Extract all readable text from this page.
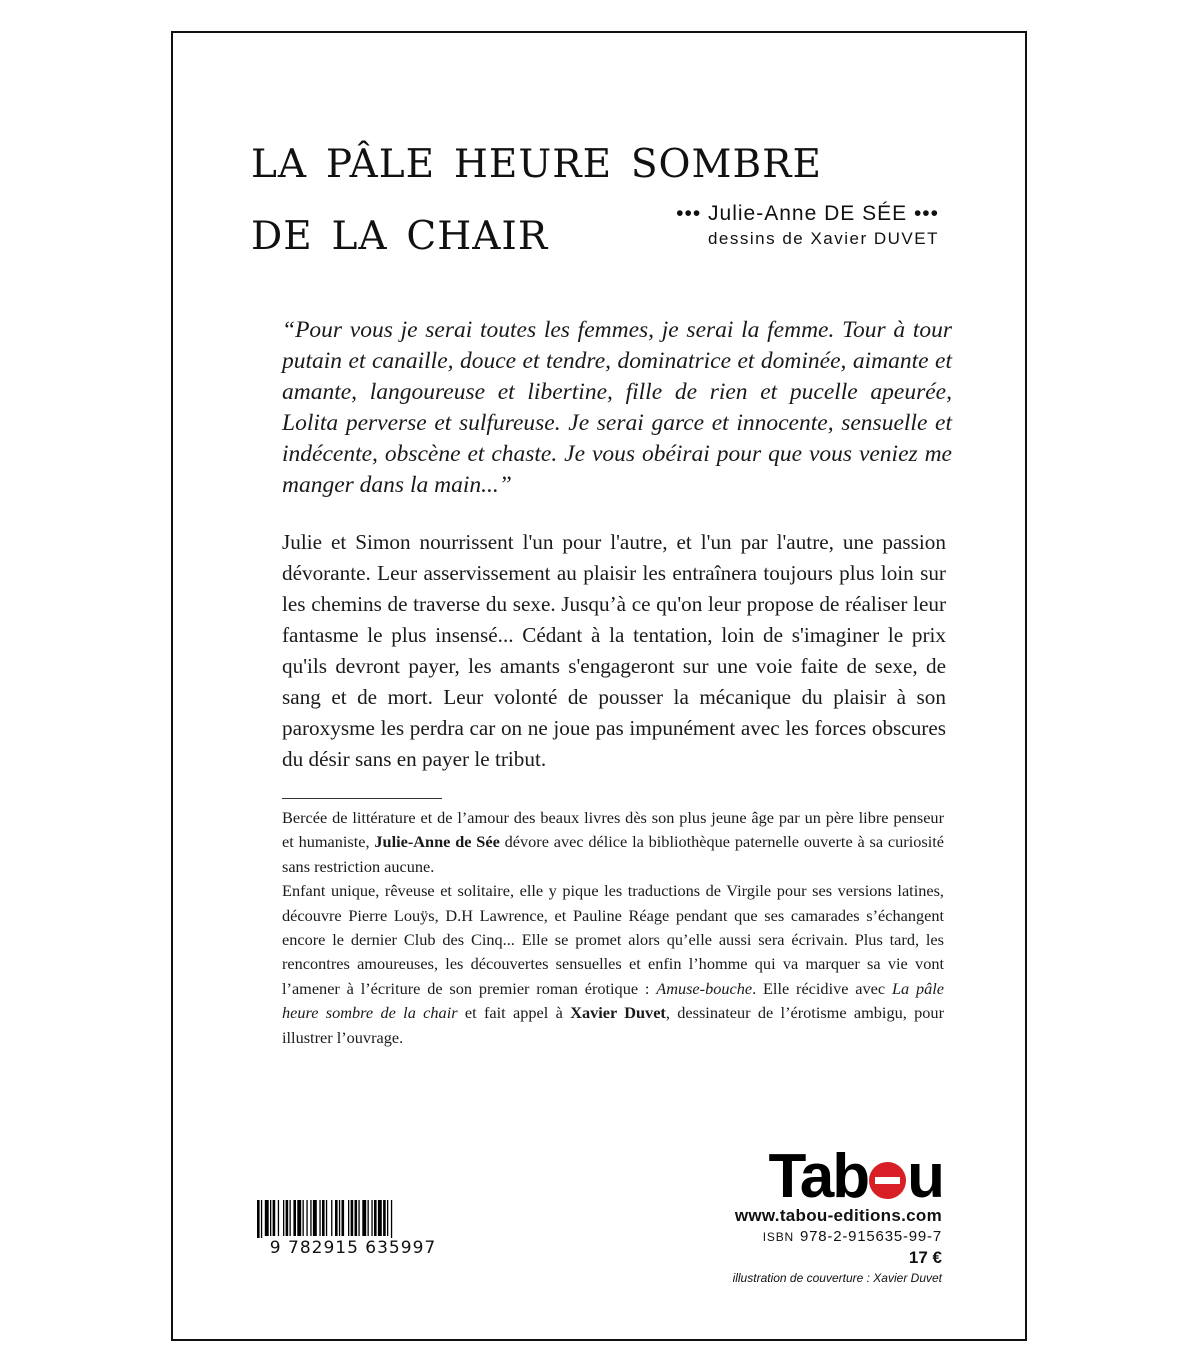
la pâle heure sombre
de la chair	••• Julie-Anne DE SÉE •••
dessins de Xavier DUVET

“Pour vous je serai toutes les femmes, je serai la femme. Tour à tour putain et canaille, douce et tendre, dominatrice et dominée, aimante et amante, langoureuse et libertine, fille de rien et pucelle apeurée, Lolita perverse et sulfureuse. Je serai garce et innocente, sensuelle et indécente, obscène et chaste. Je vous obéirai pour que vous veniez me manger dans la main...”

Julie et Simon nourrissent l'un pour l'autre, et l'un par l'autre, une passion dévorante. Leur asservissement au plaisir les entraînera toujours plus loin sur les chemins de traverse du sexe. Jusqu’à ce qu'on leur propose de réaliser leur fantasme le plus insensé... Cédant à la tentation, loin de s'imaginer le prix qu'ils devront payer, les amants s'engageront sur une voie faite de sexe, de sang et de mort. Leur volonté de pousser la mécanique du plaisir à son paroxysme les perdra car on ne joue pas impunément avec les forces obscures du désir sans en payer le tribut.

Bercée de littérature et de l’amour des beaux livres dès son plus jeune âge par un père libre penseur et humaniste, Julie-Anne de Sée dévore avec délice la bibliothèque paternelle ouverte à sa curiosité sans restriction aucune.

Enfant unique, rêveuse et solitaire, elle y pique les traductions de Virgile pour ses versions latines, découvre Pierre Louÿs, D.H Lawrence, et Pauline Réage pendant que ses camarades s’échangent encore le dernier Club des Cinq... Elle se promet alors qu’elle aussi sera écrivain. Plus tard, les rencontres amoureuses, les découvertes sensuelles et enfin l’homme qui va marquer sa vie vont l’amener à l’écriture de son premier roman érotique : Amuse-bouche. Elle récidive avec La pâle heure sombre de la chair et fait appel à Xavier Duvet, dessinateur de l’érotisme ambigu, pour illustrer l’ouvrage.

9 782915 635997
Tab u
www.tabou-editions.com
ISBN 978-2-915635-99-7
17 €
illustration de couverture : Xavier Duvet
